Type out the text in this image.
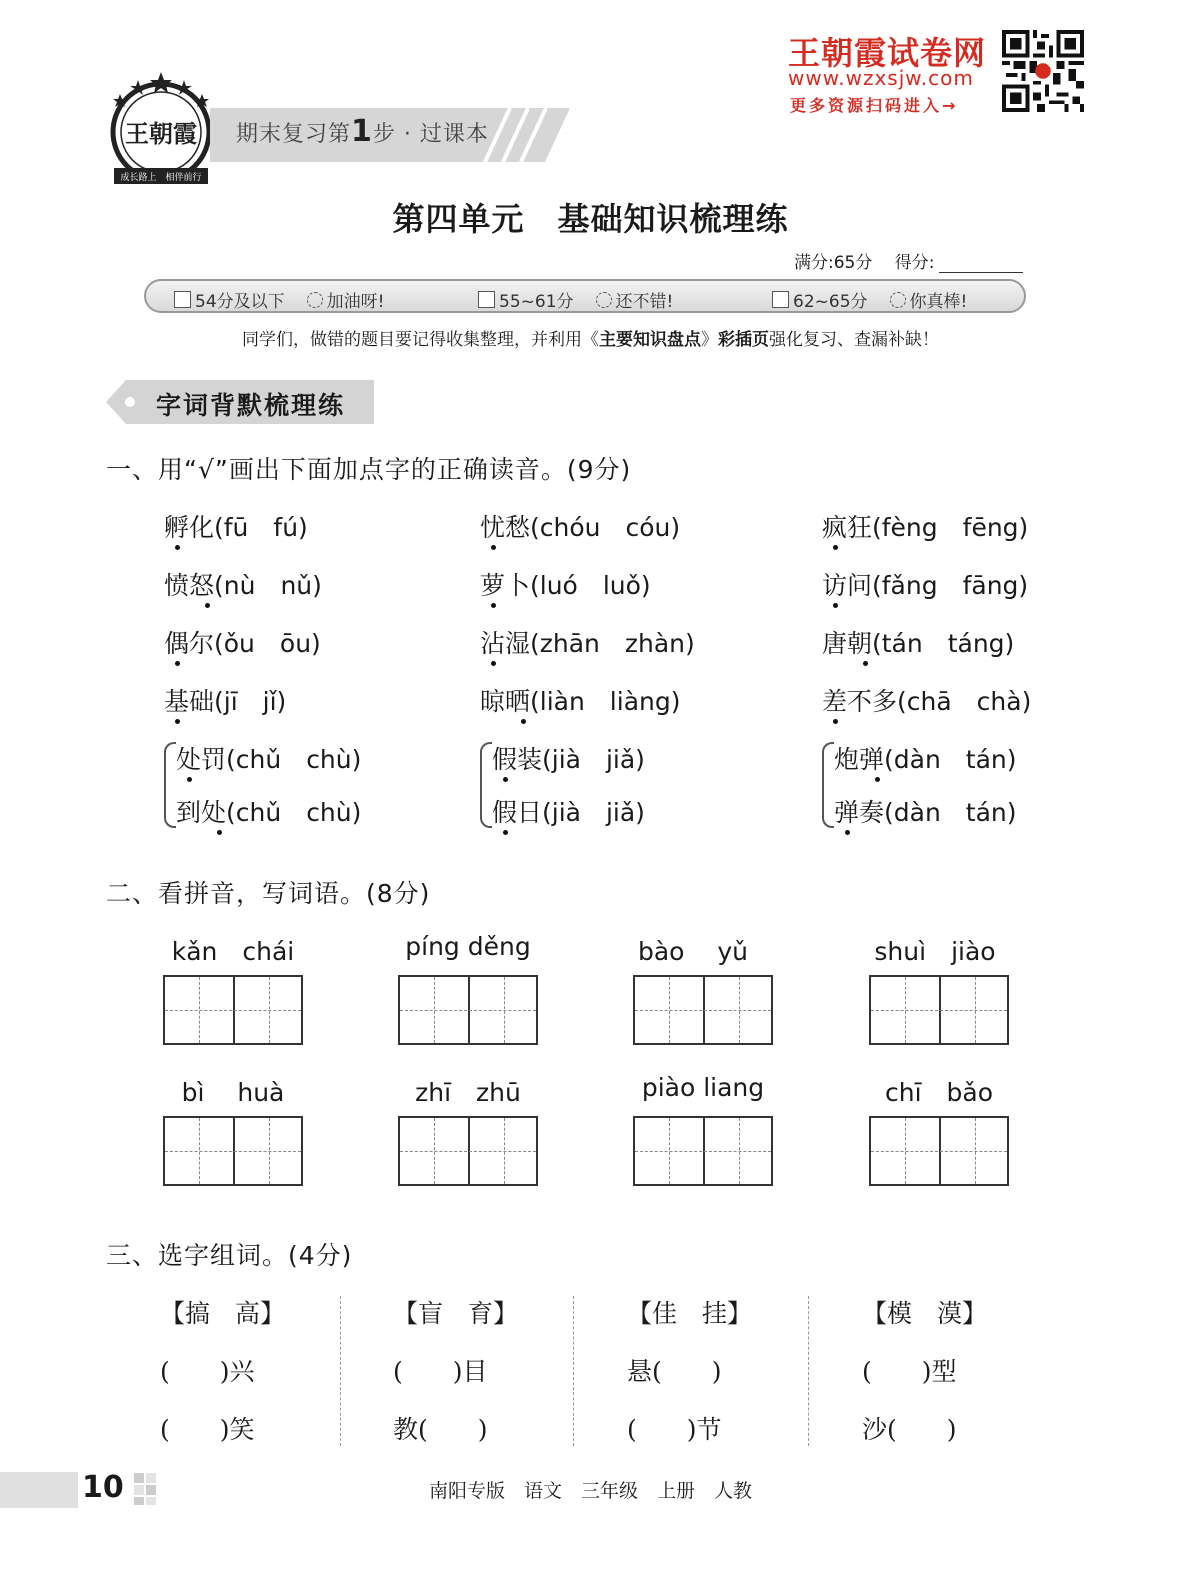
成长路上　相伴前行
王朝霞 期末复习第1步 · 过课本
王朝霞试卷网
www.wzxsjw.com
更多资源扫码进入→
第四单元　基础知识梳理练
满分:65分　 得分:
54分及以下 加油呀!	55~61分 还不错!	62~65分 你真棒!
同学们，做错的题目要记得收集整理，并利用《主要知识盘点》彩插页强化复习、查漏补缺！
字词背默梳理练
一、用“√”画出下面加点字的正确读音。(9分)
孵化(fū　fú)	忧愁(chóu　cóu)	疯狂(fèng　fēng)
愤怒(nù　nǔ)	萝卜(luó　luǒ)	访问(fǎng　fāng)
偶尔(ǒu　ōu)	沾湿(zhān　zhàn)	唐朝(tán　táng)
基础(jī　jǐ)	晾晒(liàn　liàng)	差不多(chā　chà)
处罚(chǔ　chù)	假装(jià　jiǎ)	炮弹(dàn　tán)
到处(chǔ　chù)	假日(jià　jiǎ)	弹奏(dàn　tán)
二、看拼音，写词语。(8分)
kǎn　chái	píng děng	bào　 yǔ	shuì　jiào
bì　 huà	zhī　zhū	piào liang	chī　bǎo
三、选字组词。(4分)
【搞　高】
(　　)兴
(　　)笑
【盲　育】
(　　)目
教(　　)
【佳　挂】
悬(　　)
(　　)节
【模　漠】
(　　)型
沙(　　)
10	南阳专版　语文　三年级　上册　人教
